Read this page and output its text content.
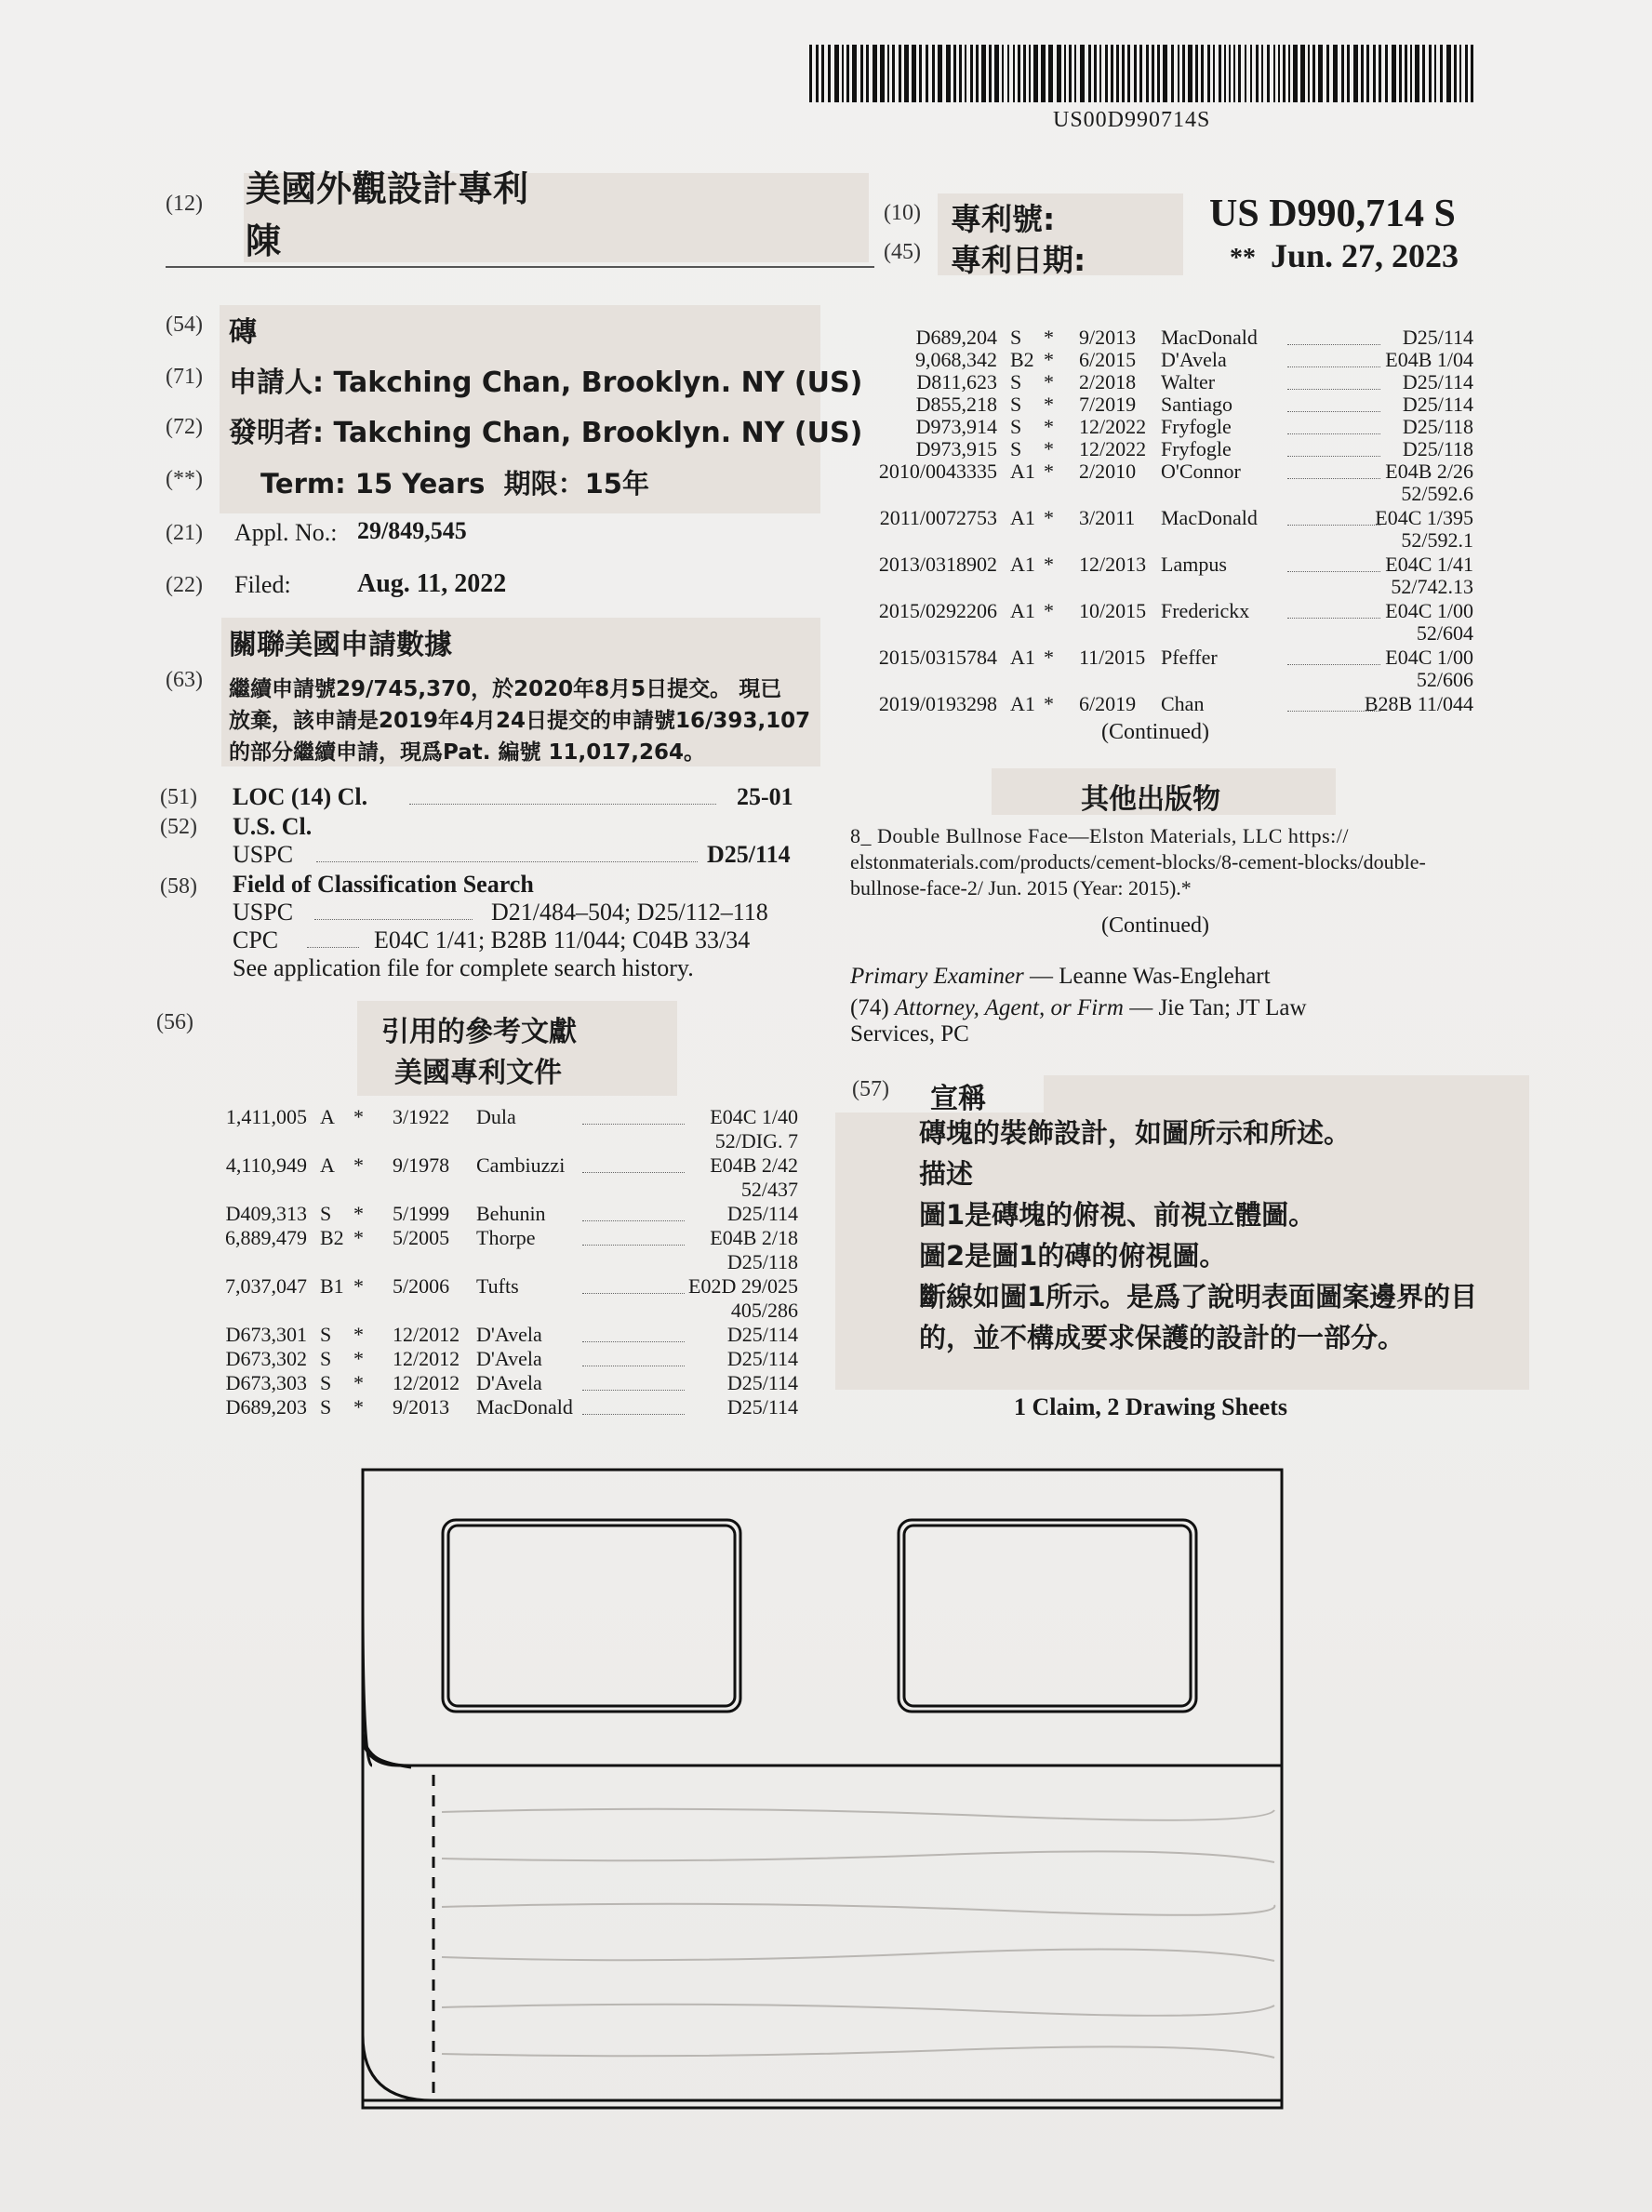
US00D990714S
(12) 美國外觀設計專利
陳
(10) 專利號:	US D990,714 S
(45) 專利日期:	** Jun. 27, 2023
(54) 磚
(71) 申請人: Takching Chan, Brooklyn. NY (US)
(72) 發明者: Takching Chan, Brooklyn. NY (US)
(**) Term: 15 Years  期限：15年
(21) Appl. No.: 29/849,545
(22) Filed:	Aug. 11, 2022
關聯美國申請數據
(63) 繼續申請號29/745,370，於2020年8月5日提交。 現已
放棄，該申請是2019年4月24日提交的申請號16/393,107
的部分繼續申請，現爲Pat. 編號 11,017,264。
(51) LOC (14) Cl.	25-01
(52) U.S. Cl.
USPC	D25/114
(58) Field of Classification Search
USPC	D21/484–504; D25/112–118
CPC	E04C 1/41; B28B 11/044; C04B 33/34
See application file for complete search history.
(56)	引用的參考文獻
美國專利文件
1,411,005 A * 3/1922 Dula	E04C 1/40
52/DIG. 7
4,110,949 A * 9/1978 Cambiuzzi	E04B 2/42
52/437
D409,313 S * 5/1999 Behunin	D25/114
6,889,479 B2 * 5/2005 Thorpe	E04B 2/18
D25/118
7,037,047 B1 * 5/2006 Tufts	E02D 29/025
405/286
D673,301 S * 12/2012 D'Avela	D25/114
D673,302 S * 12/2012 D'Avela	D25/114
D673,303 S * 12/2012 D'Avela	D25/114
D689,203 S * 9/2013 MacDonald	D25/114
D689,204 S * 9/2013 MacDonald	D25/114
9,068,342 B2 * 6/2015 D'Avela	E04B 1/04
D811,623 S * 2/2018 Walter	D25/114
D855,218 S * 7/2019 Santiago	D25/114
D973,914 S * 12/2022 Fryfogle	D25/118
D973,915 S * 12/2022 Fryfogle	D25/118
2010/0043335 A1 * 2/2010 O'Connor	E04B 2/26
52/592.6
2011/0072753 A1 * 3/2011 MacDonald	E04C 1/395
52/592.1
2013/0318902 A1 * 12/2013 Lampus	E04C 1/41
52/742.13
2015/0292206 A1 * 10/2015 Frederickx	E04C 1/00
52/604
2015/0315784 A1 * 11/2015 Pfeffer	E04C 1/00
52/606
2019/0193298 A1 * 6/2019 Chan	B28B 11/044
(Continued)
其他出版物
8_ Double Bullnose Face—Elston Materials, LLC https://
elstonmaterials.com/products/cement-blocks/8-cement-blocks/double-
bullnose-face-2/ Jun. 2015 (Year: 2015).*
(Continued)
Primary Examiner — Leanne Was-Englehart
(74) Attorney, Agent, or Firm — Jie Tan; JT Law
Services, PC
(57) 宣稱

磚塊的裝飾設計，如圖所示和所述。

描述

圖1是磚塊的俯視、前視立體圖。

圖2是圖1的磚的俯視圖。

斷線如圖1所示。是爲了說明表面圖案邊界的目

的，並不構成要求保護的設計的一部分。

1 Claim, 2 Drawing Sheets
